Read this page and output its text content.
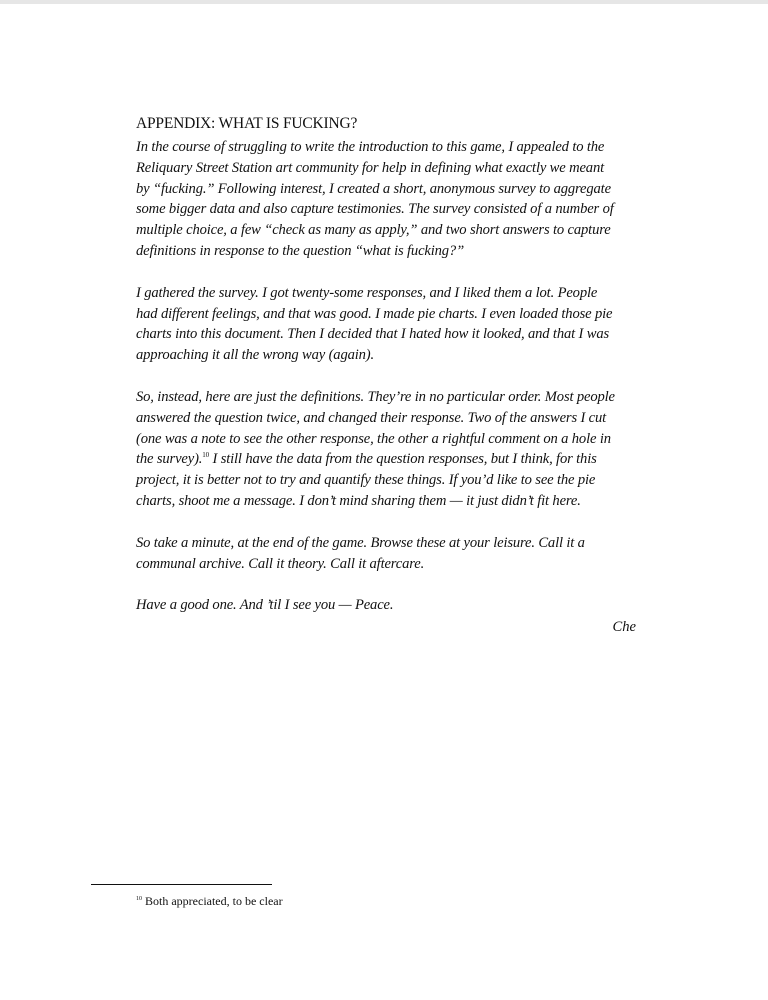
APPENDIX: WHAT IS FUCKING?

In the course of struggling to write the introduction to this game, I appealed to the
Reliquary Street Station art community for help in defining what exactly we meant
by “fucking.” Following interest, I created a short, anonymous survey to aggregate
some bigger data and also capture testimonies. The survey consisted of a number of
multiple choice, a few “check as many as apply,” and two short answers to capture
definitions in response to the question “what is fucking?”

I gathered the survey. I got twenty-some responses, and I liked them a lot. People
had different feelings, and that was good. I made pie charts. I even loaded those pie
charts into this document. Then I decided that I hated how it looked, and that I was
approaching it all the wrong way (again).

So, instead, here are just the definitions. They’re in no particular order. Most people
answered the question twice, and changed their response. Two of the answers I cut
(one was a note to see the other response, the other a rightful comment on a hole in
the survey).$^{10}$ I still have the data from the question responses, but I think, for this
project, it is better not to try and quantify these things. If you’d like to see the pie
charts, shoot me a message. I don’t mind sharing them — it just didn’t fit here.

So take a minute, at the end of the game. Browse these at your leisure. Call it a
communal archive. Call it theory. Call it aftercare.

Have a good one. And ’til I see you — Peace.

Che
$^{10}$ Both appreciated, to be clear
